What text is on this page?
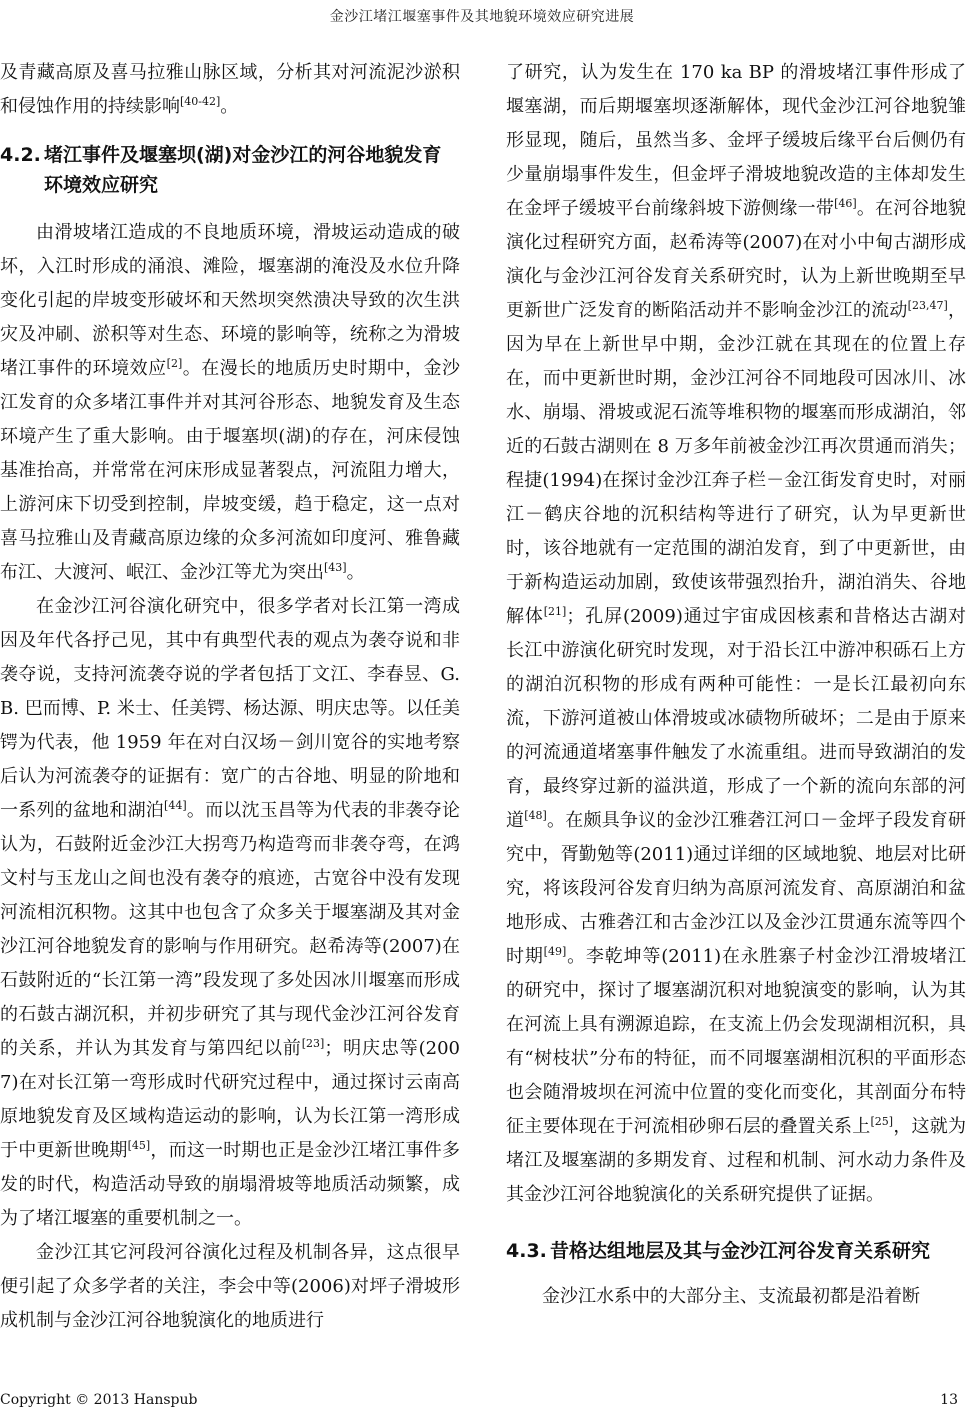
金沙江堵江堰塞事件及其地貌环境效应研究进展

及青藏高原及喜马拉雅山脉区域，分析其对河流泥沙淤积和侵蚀作用的持续影响[40-42]。

4.2. 堵江事件及堰塞坝(湖)对金沙江的河谷地貌发育环境效应研究

由滑坡堵江造成的不良地质环境，滑坡运动造成的破坏，入江时形成的涌浪、滩险，堰塞湖的淹没及水位升降变化引起的岸坡变形破坏和天然坝突然溃决导致的次生洪灾及冲刷、淤积等对生态、环境的影响等，统称之为滑坡堵江事件的环境效应[2]。在漫长的地质历史时期中，金沙江发育的众多堵江事件并对其河谷形态、地貌发育及生态环境产生了重大影响。由于堰塞坝(湖)的存在，河床侵蚀基准抬高，并常常在河床形成显著裂点，河流阻力增大，上游河床下切受到控制，岸坡变缓，趋于稳定，这一点对喜马拉雅山及青藏高原边缘的众多河流如印度河、雅鲁藏布江、大渡河、岷江、金沙江等尤为突出[43]。

在金沙江河谷演化研究中，很多学者对长江第一湾成因及年代各抒己见，其中有典型代表的观点为袭夺说和非袭夺说，支持河流袭夺说的学者包括丁文江、李春昱、G. B. 巴而博、P. 米士、任美锷、杨达源、明庆忠等。以任美锷为代表，他 1959 年在对白汉场－剑川宽谷的实地考察后认为河流袭夺的证据有：宽广的古谷地、明显的阶地和一系列的盆地和湖泊[44]。而以沈玉昌等为代表的非袭夺论认为，石鼓附近金沙江大拐弯乃构造弯而非袭夺弯，在鸿文村与玉龙山之间也没有袭夺的痕迹，古宽谷中没有发现河流相沉积物。这其中也包含了众多关于堰塞湖及其对金沙江河谷地貌发育的影响与作用研究。赵希涛等(2007)在石鼓附近的“长江第一湾”段发现了多处因冰川堰塞而形成的石鼓古湖沉积，并初步研究了其与现代金沙江河谷发育的关系，并认为其发育与第四纪以前[23]；明庆忠等(2007)在对长江第一弯形成时代研究过程中，通过探讨云南高原地貌发育及区域构造运动的影响，认为长江第一湾形成于中更新世晚期[45]，而这一时期也正是金沙江堵江事件多发的时代，构造活动导致的崩塌滑坡等地质活动频繁，成为了堵江堰塞的重要机制之一。

金沙江其它河段河谷演化过程及机制各异，这点很早便引起了众多学者的关注，李会中等(2006)对坪子滑坡形成机制与金沙江河谷地貌演化的地质进行

了研究，认为发生在 170 ka BP 的滑坡堵江事件形成了堰塞湖，而后期堰塞坝逐渐解体，现代金沙江河谷地貌雏形显现，随后，虽然当多、金坪子缓坡后缘平台后侧仍有少量崩塌事件发生，但金坪子滑坡地貌改造的主体却发生在金坪子缓坡平台前缘斜坡下游侧缘一带[46]。在河谷地貌演化过程研究方面，赵希涛等(2007)在对小中甸古湖形成演化与金沙江河谷发育关系研究时，认为上新世晚期至早更新世广泛发育的断陷活动并不影响金沙江的流动[23,47]，因为早在上新世早中期，金沙江就在其现在的位置上存在，而中更新世时期，金沙江河谷不同地段可因冰川、冰水、崩塌、滑坡或泥石流等堆积物的堰塞而形成湖泊，邻近的石鼓古湖则在 8 万多年前被金沙江再次贯通而消失；程捷(1994)在探讨金沙江奔子栏－金江街发育史时，对丽江－鹤庆谷地的沉积结构等进行了研究，认为早更新世时，该谷地就有一定范围的湖泊发育，到了中更新世，由于新构造运动加剧，致使该带强烈抬升，湖泊消失、谷地解体[21]；孔屏(2009)通过宇宙成因核素和昔格达古湖对长江中游演化研究时发现，对于沿长江中游冲积砾石上方的湖泊沉积物的形成有两种可能性：一是长江最初向东流，下游河道被山体滑坡或冰碛物所破坏；二是由于原来的河流通道堵塞事件触发了水流重组。进而导致湖泊的发育，最终穿过新的溢洪道，形成了一个新的流向东部的河道[48]。在颇具争议的金沙江雅砻江河口－金坪子段发育研究中，胥勤勉等(2011)通过详细的区域地貌、地层对比研究，将该段河谷发育归纳为高原河流发育、高原湖泊和盆地形成、古雅砻江和古金沙江以及金沙江贯通东流等四个时期[49]。李乾坤等(2011)在永胜寨子村金沙江滑坡堵江的研究中，探讨了堰塞湖沉积对地貌演变的影响，认为其在河流上具有溯源追踪，在支流上仍会发现湖相沉积，具有“树枝状”分布的特征，而不同堰塞湖相沉积的平面形态也会随滑坡坝在河流中位置的变化而变化，其剖面分布特征主要体现在于河流相砂卵石层的叠置关系上[25]，这就为堵江及堰塞湖的多期发育、过程和机制、河水动力条件及其金沙江河谷地貌演化的关系研究提供了证据。

4.3. 昔格达组地层及其与金沙江河谷发育关系研究

金沙江水系中的大部分主、支流最初都是沿着断

Copyright © 2013 Hanspub	13
